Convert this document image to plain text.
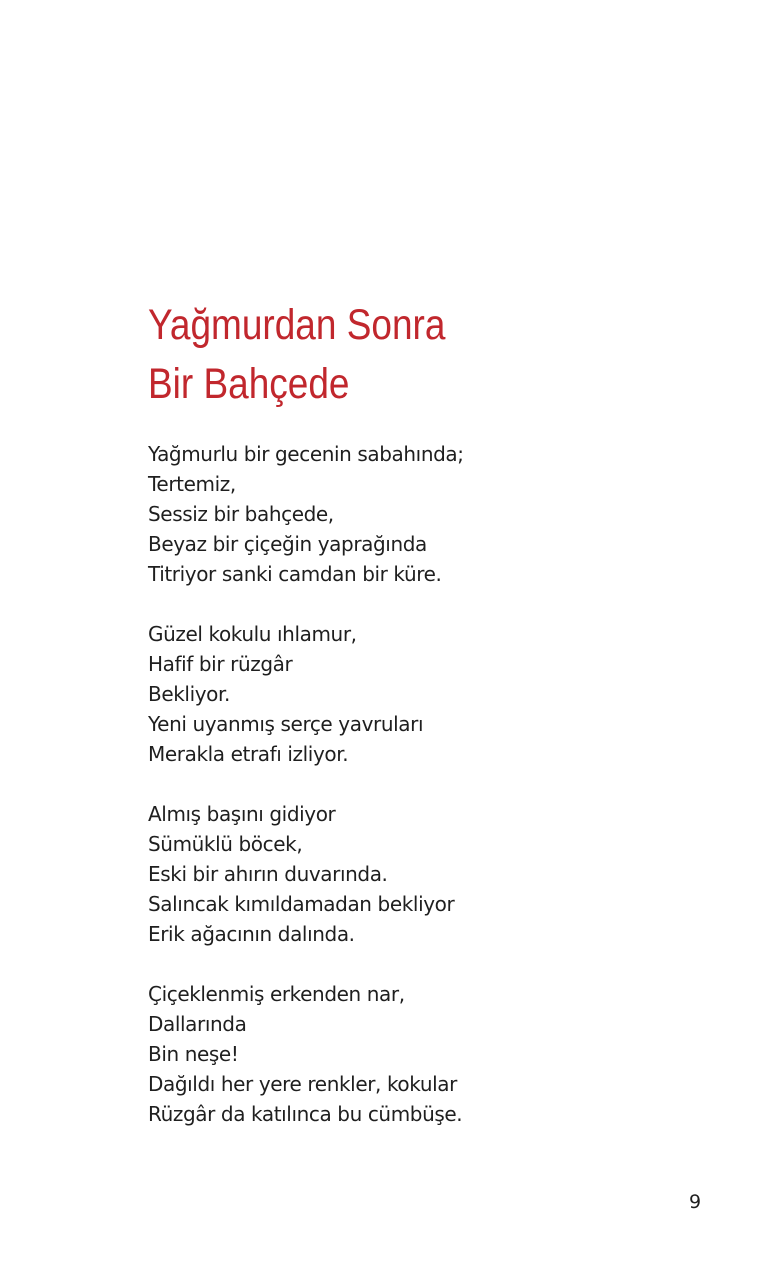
Yağmurdan Sonra
Bir Bahçede

Yağmurlu bir gecenin sabahında;
Tertemiz,
Sessiz bir bahçede,
Beyaz bir çiçeğin yaprağında
Titriyor sanki camdan bir küre.

Güzel kokulu ıhlamur,
Hafif bir rüzgâr
Bekliyor.
Yeni uyanmış serçe yavruları
Merakla etrafı izliyor.

Almış başını gidiyor
Sümüklü böcek,
Eski bir ahırın duvarında.
Salıncak kımıldamadan bekliyor
Erik ağacının dalında.

Çiçeklenmiş erkenden nar,
Dallarında
Bin neşe!
Dağıldı her yere renkler, kokular
Rüzgâr da katılınca bu cümbüşe.

9
